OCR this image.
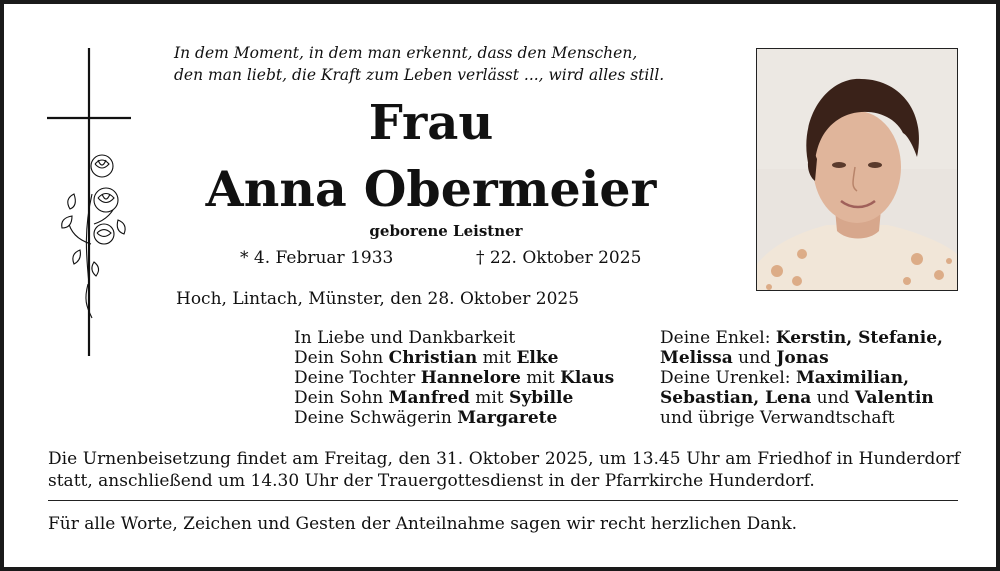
In dem Moment, in dem man erkennt, dass den Menschen,
den man liebt, die Kraft zum Leben verlässt ..., wird alles still.
Frau
Anna Obermeier
geborene Leistner
* 4. Februar 1933	† 22. Oktober 2025
Hoch, Lintach, Münster, den 28. Oktober 2025
In Liebe und Dankbarkeit
Dein Sohn Christian mit Elke
Deine Tochter Hannelore mit Klaus
Dein Sohn Manfred mit Sybille
Deine Schwägerin Margarete
Deine Enkel: Kerstin, Stefanie,
Melissa und Jonas
Deine Urenkel: Maximilian,
Sebastian, Lena und Valentin
und übrige Verwandtschaft
Die Urnenbeisetzung findet am Freitag, den 31. Oktober 2025, um 13.45 Uhr am Friedhof in Hunderdorf statt, anschließend um 14.30 Uhr der Trauergottesdienst in der Pfarrkirche Hunderdorf.
Für alle Worte, Zeichen und Gesten der Anteilnahme sagen wir recht herzlichen Dank.
